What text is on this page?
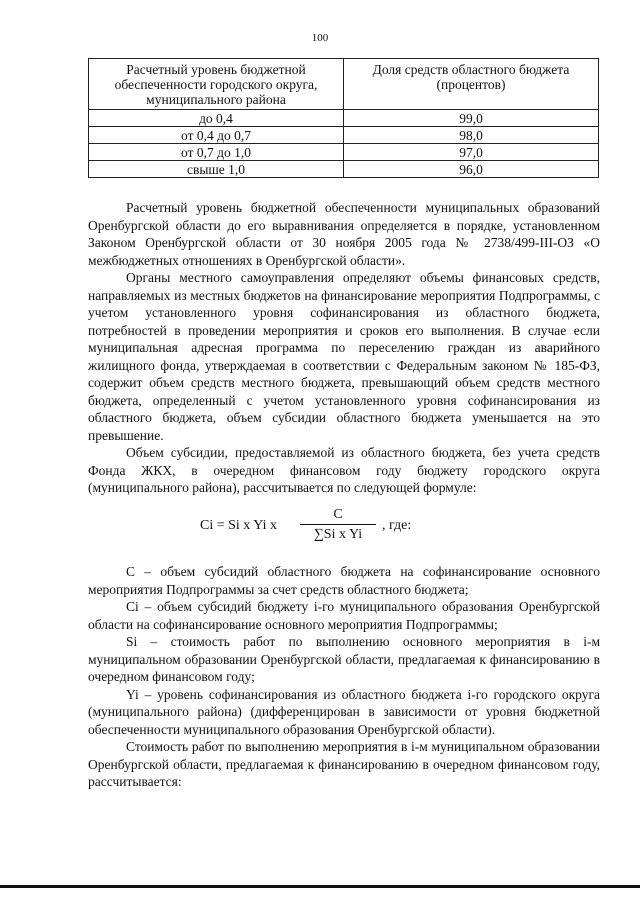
100
Расчетный уровень бюджетной обеспеченности городского округа, муниципального района	Доля средств областного бюджета (процентов)
до 0,4	99,0
от 0,4 до 0,7	98,0
от 0,7 до 1,0	97,0
свыше 1,0	96,0

Расчетный уровень бюджетной обеспеченности муниципальных образований Оренбургской области до его выравнивания определяется в порядке, установленном Законом Оренбургской области от 30 ноября 2005 года № 2738/499-III-ОЗ «О межбюджетных отношениях в Оренбургской области».

Органы местного самоуправления определяют объемы финансовых средств, направляемых из местных бюджетов на финансирование мероприятия Подпрограммы, с учетом установленного уровня софинансирования из областного бюджета, потребностей в проведении мероприятия и сроков его выполнения. В случае если муниципальная адресная программа по переселению граждан из аварийного жилищного фонда, утверждаемая в соответствии с Федеральным законом № 185-ФЗ, содержит объем средств местного бюджета, превышающий объем средств местного бюджета, определенный с учетом установленного уровня софинансирования из областного бюджета, объем субсидии областного бюджета уменьшается на это превышение.

Объем субсидии, предоставляемой из областного бюджета, без учета средств Фонда ЖКХ, в очередном финансовом году бюджету городского округа (муниципального района), рассчитывается по следующей формуле:

Ci = Si x Yi x
C
∑Si x Yi
, где:

С – объем субсидий областного бюджета на софинансирование основного мероприятия Подпрограммы за счет средств областного бюджета;

Ci – объем субсидий бюджету i-го муниципального образования Оренбургской области на софинансирование основного мероприятия Подпрограммы;

Si – стоимость работ по выполнению основного мероприятия в i-м муниципальном образовании Оренбургской области, предлагаемая к финансированию в очередном финансовом году;

Yi – уровень софинансирования из областного бюджета i-го городского округа (муниципального района) (дифференцирован в зависимости от уровня бюджетной обеспеченности муниципального образования Оренбургской области).

Стоимость работ по выполнению мероприятия в i-м муниципальном образовании Оренбургской области, предлагаемая к финансированию в очередном финансовом году, рассчитывается:
